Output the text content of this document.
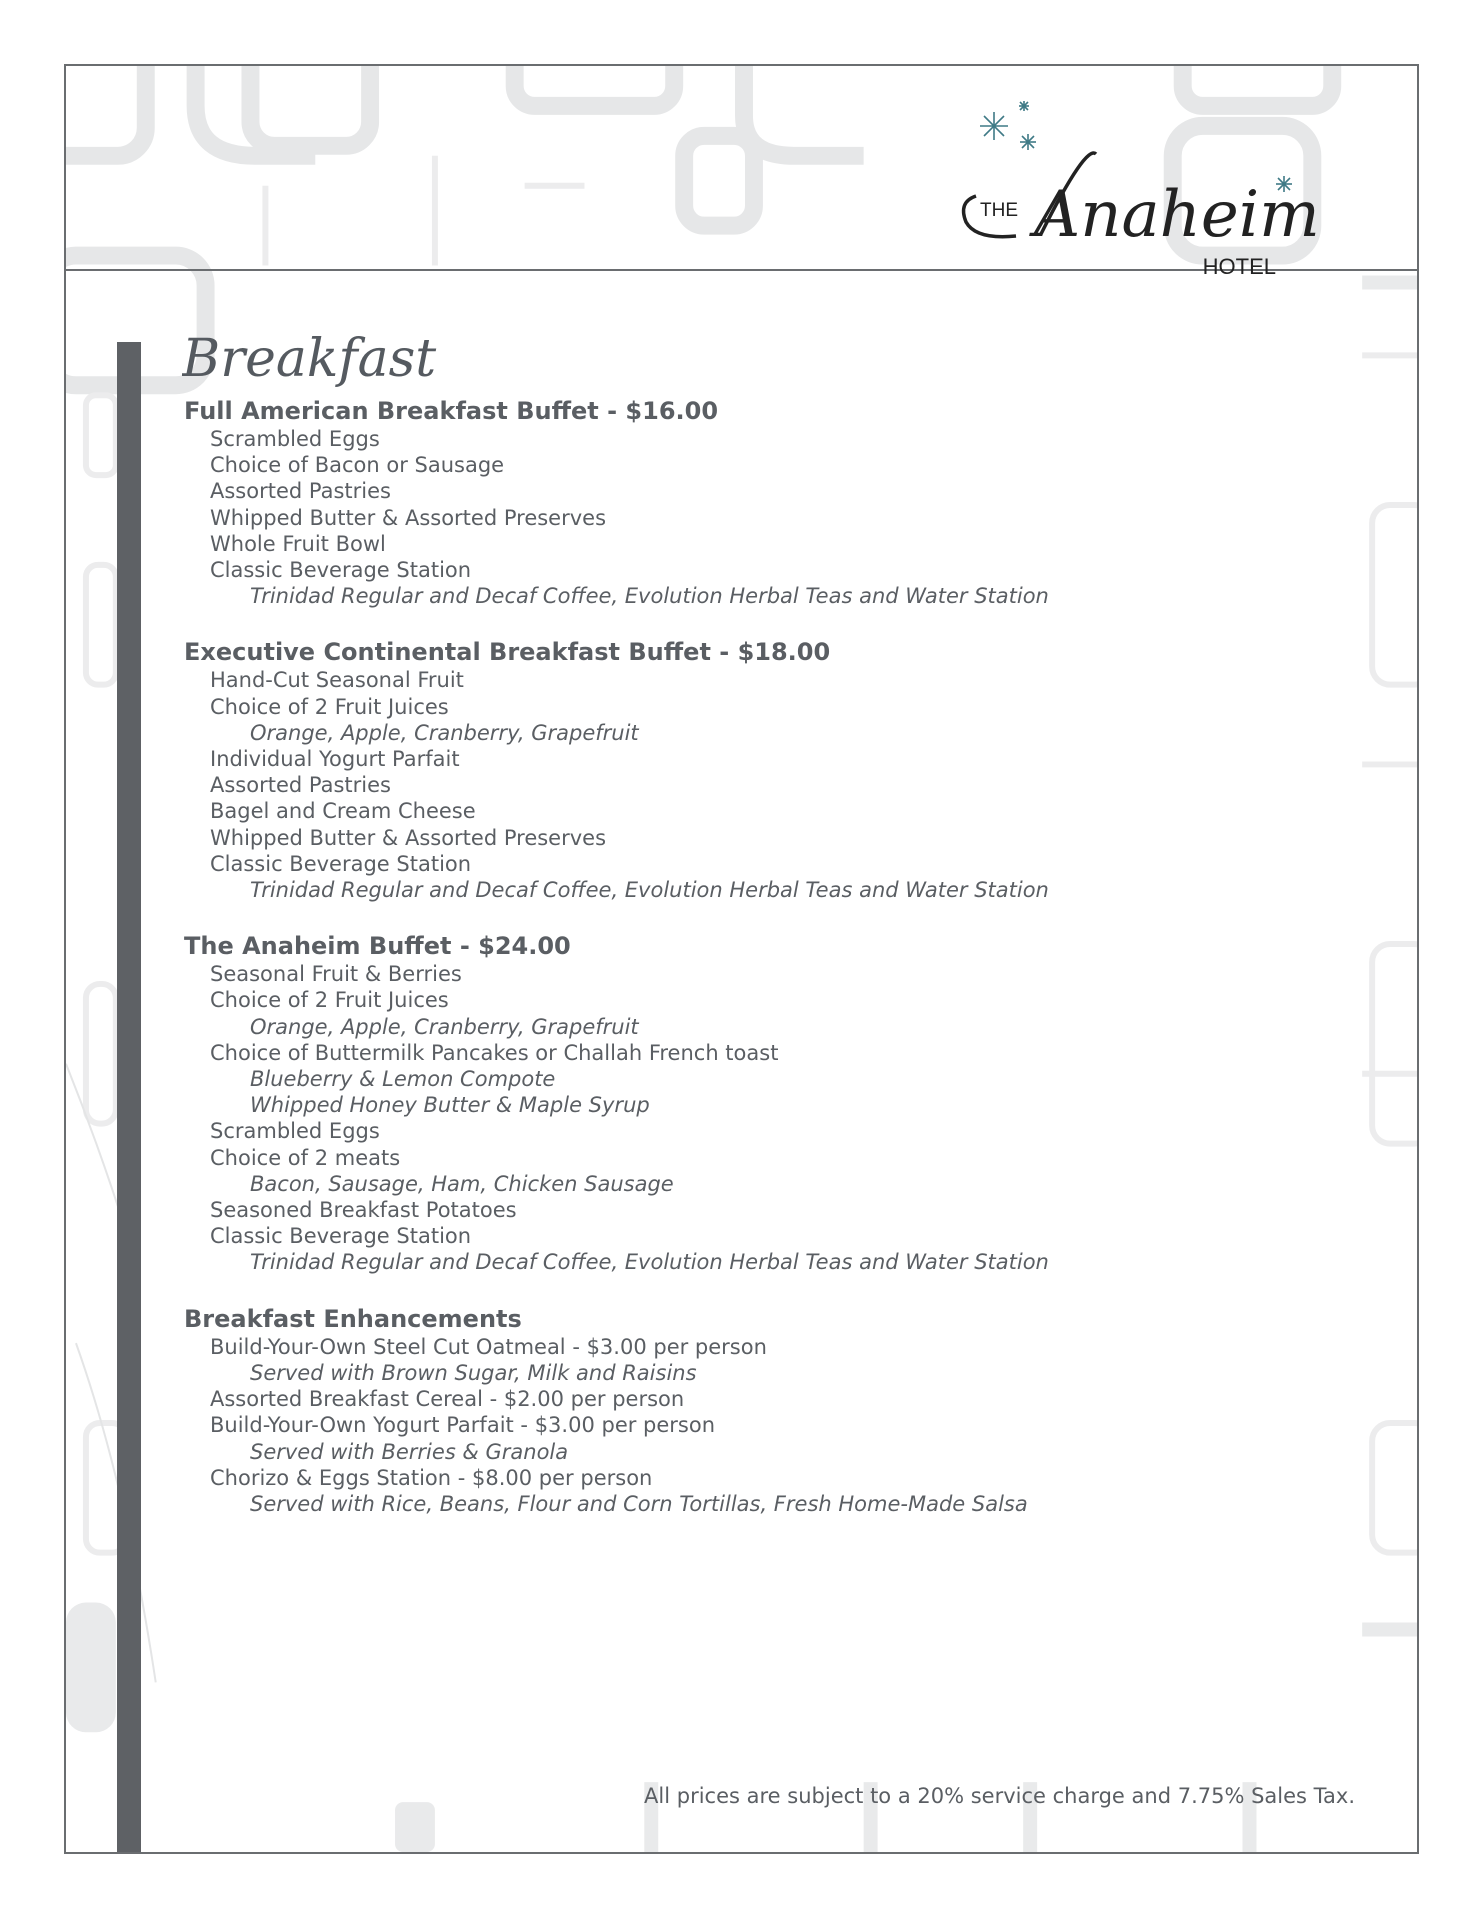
THE Anaheim
HOTEL
Breakfast
Full American Breakfast Buffet - $16.00
Scrambled Eggs
Choice of Bacon or Sausage
Assorted Pastries
Whipped Butter & Assorted Preserves
Whole Fruit Bowl
Classic Beverage Station
Trinidad Regular and Decaf Coffee, Evolution Herbal Teas and Water Station
Executive Continental Breakfast Buffet - $18.00
Hand-Cut Seasonal Fruit
Choice of 2 Fruit Juices
Orange, Apple, Cranberry, Grapefruit
Individual Yogurt Parfait
Assorted Pastries
Bagel and Cream Cheese
Whipped Butter & Assorted Preserves
Classic Beverage Station
Trinidad Regular and Decaf Coffee, Evolution Herbal Teas and Water Station
The Anaheim Buffet - $24.00
Seasonal Fruit & Berries
Choice of 2 Fruit Juices
Orange, Apple, Cranberry, Grapefruit
Choice of Buttermilk Pancakes or Challah French toast
Blueberry & Lemon Compote
Whipped Honey Butter & Maple Syrup
Scrambled Eggs
Choice of 2 meats
Bacon, Sausage, Ham, Chicken Sausage
Seasoned Breakfast Potatoes
Classic Beverage Station
Trinidad Regular and Decaf Coffee, Evolution Herbal Teas and Water Station
Breakfast Enhancements
Build-Your-Own Steel Cut Oatmeal - $3.00 per person
Served with Brown Sugar, Milk and Raisins
Assorted Breakfast Cereal - $2.00 per person
Build-Your-Own Yogurt Parfait - $3.00 per person
Served with Berries & Granola
Chorizo & Eggs Station - $8.00 per person
Served with Rice, Beans, Flour and Corn Tortillas, Fresh Home-Made Salsa
All prices are subject to a 20% service charge and 7.75% Sales Tax.
